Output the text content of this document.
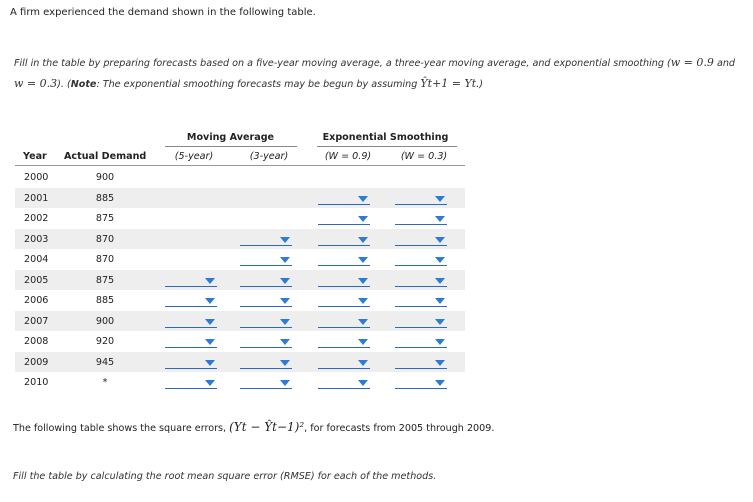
A firm experienced the demand shown in the following table.
Fill in the table by preparing forecasts based on a five-year moving average, a three-year moving average, and exponential smoothing (w = 0.9 and
w = 0.3). (Note: The exponential smoothing forecasts may be begun by assuming Ŷt+1 = Yt.)
Moving Average	Exponential Smoothing
Year Actual Demand	(5-year)	(3-year)	(W = 0.9)	(W = 0.3)
2000	900
2001	885
2002	875
2003	870
2004	870
2005	875
2006	885
2007	900
2008	920
2009	945
2010	*
The following table shows the square errors, (Yt − Ŷt−1)², for forecasts from 2005 through 2009.
Fill the table by calculating the root mean square error (RMSE) for each of the methods.
